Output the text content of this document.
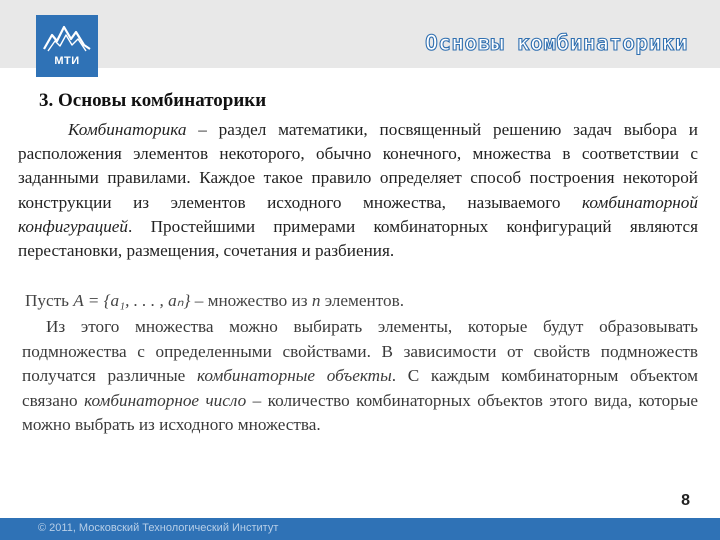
МТИ
Основы комбинаторики
3. Основы комбинаторики
Комбинаторика – раздел математики, посвященный решению задач выбора и расположения элементов некоторого, обычно конечного, множества в соответствии с заданными правилами. Каждое такое правило определяет способ построения некоторой конструкции из элементов исходного множества, называемого комбинаторной конфигурацией. Простейшими примерами комбинаторных конфигураций являются перестановки, размещения, сочетания и разбиения.
Пусть A = {a₁, . . . , aₙ} – множество из n элементов.
Из этого множества можно выбирать элементы, которые будут образовывать подмножества с определенными свойствами. В зависимости от свойств подмножеств получатся различные комбинаторные объекты. С каждым комбинаторным объектом связано комбинаторное число – количество комбинаторных объектов этого вида, которые можно выбрать из исходного множества.
8
© 2011, Московский Технологический Институт
